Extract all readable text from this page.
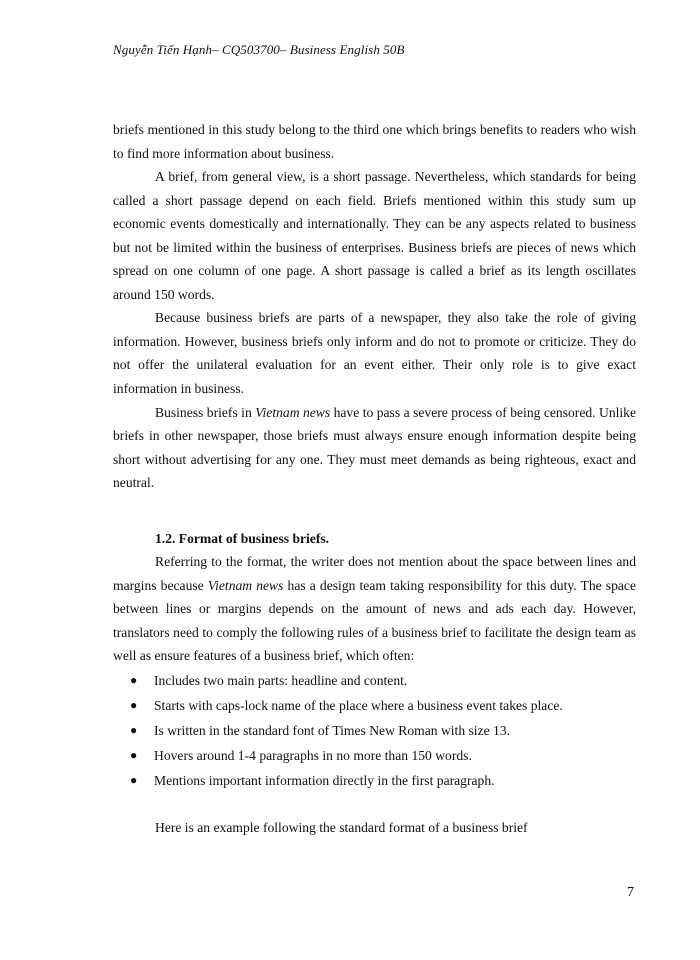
Nguyễn Tiến Hạnh– CQ503700– Business English 50B

briefs mentioned in this study belong to the third one which brings benefits to readers who wish to find more information about business.

A brief, from general view, is a short passage. Nevertheless, which standards for being called a short passage depend on each field. Briefs mentioned within this study sum up economic events domestically and internationally. They can be any aspects related to business but not be limited within the business of enterprises. Business briefs are pieces of news which spread on one column of one page. A short passage is called a brief as its length oscillates around 150 words.

Because business briefs are parts of a newspaper, they also take the role of giving information. However, business briefs only inform and do not to promote or criticize. They do not offer the unilateral evaluation for an event either. Their only role is to give exact information in business.

Business briefs in Vietnam news have to pass a severe process of being censored. Unlike briefs in other newspaper, those briefs must always ensure enough information despite being short without advertising for any one. They must meet demands as being righteous, exact and neutral.

1.2. Format of business briefs.

Referring to the format, the writer does not mention about the space between lines and margins because Vietnam news has a design team taking responsibility for this duty. The space between lines or margins depends on the amount of news and ads each day. However, translators need to comply the following rules of a business brief to facilitate the design team as well as ensure features of a business brief, which often:

● Includes two main parts: headline and content.
● Starts with caps-lock name of the place where a business event takes place.
● Is written in the standard font of Times New Roman with size 13.
● Hovers around 1-4 paragraphs in no more than 150 words.
● Mentions important information directly in the first paragraph.
Here is an example following the standard format of a business brief
7
